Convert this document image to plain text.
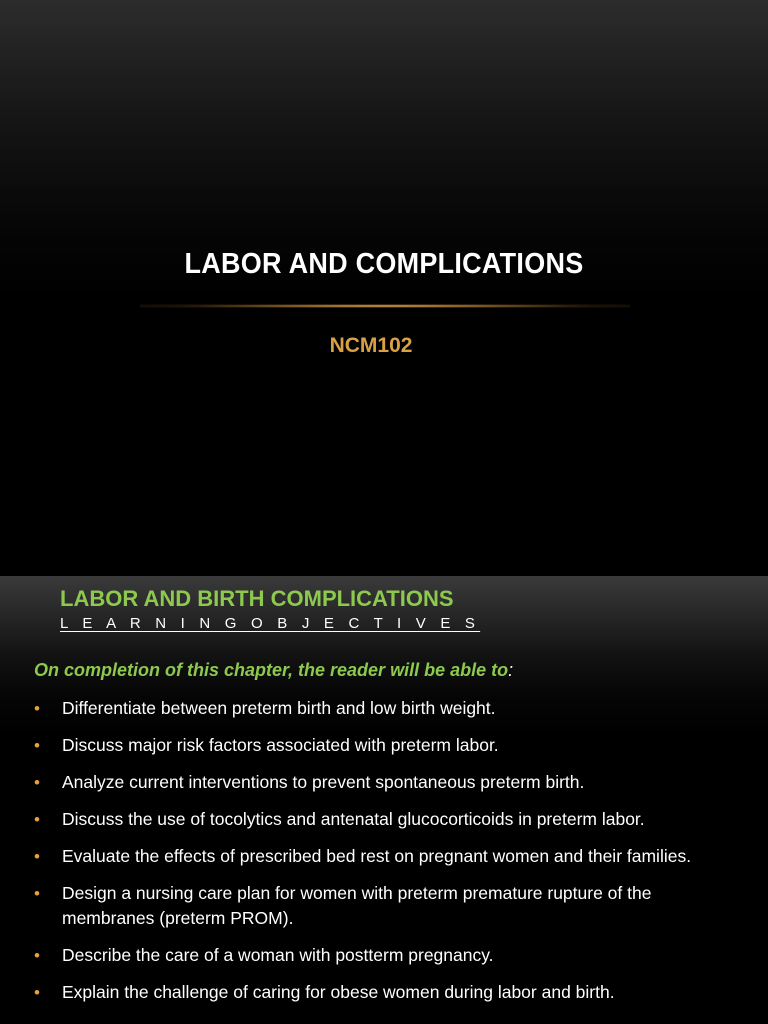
LABOR AND COMPLICATIONS
NCM102
LABOR AND BIRTH COMPLICATIONS
L E A R N I N G O B J E C T I V E S
On completion of this chapter, the reader will be able to:
• Differentiate between preterm birth and low birth weight.
• Discuss major risk factors associated with preterm labor.
• Analyze current interventions to prevent spontaneous preterm birth.
• Discuss the use of tocolytics and antenatal glucocorticoids in preterm labor.
• Evaluate the effects of prescribed bed rest on pregnant women and their families.
• Design a nursing care plan for women with preterm premature rupture of the membranes (preterm PROM).
• Describe the care of a woman with postterm pregnancy.
• Explain the challenge of caring for obese women during labor and birth.
